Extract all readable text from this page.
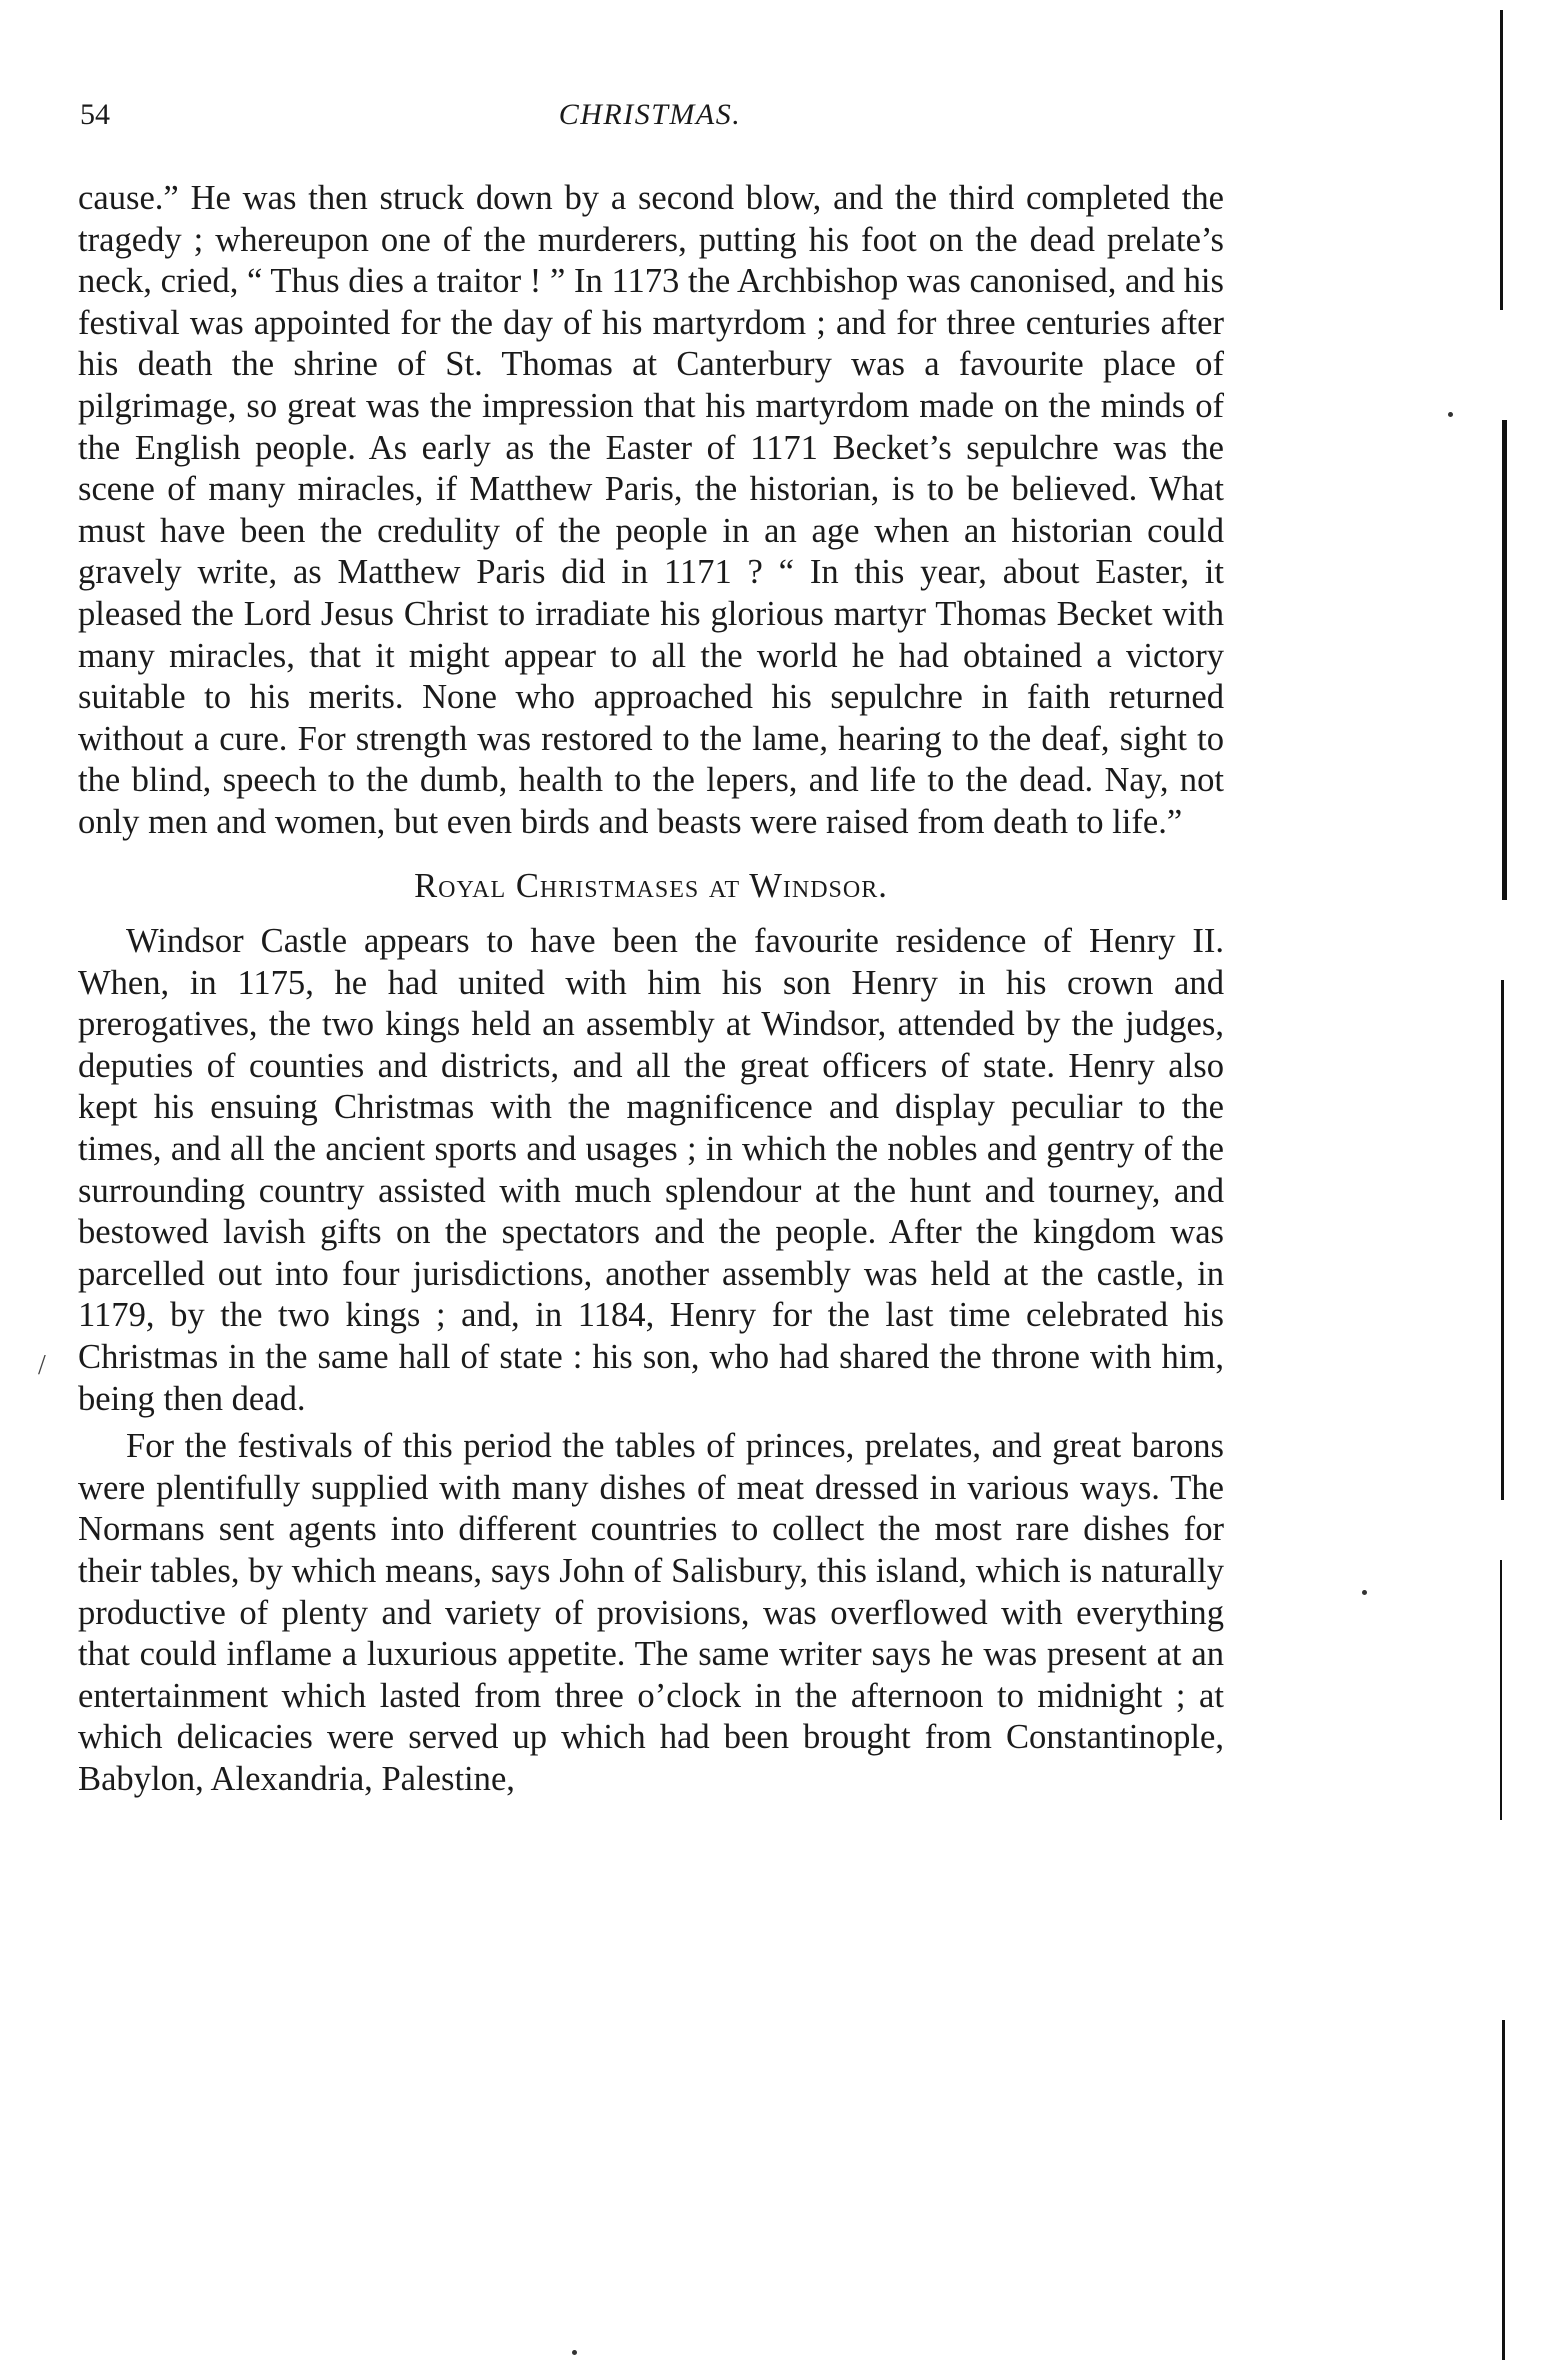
54	CHRISTMAS.

cause.” He was then struck down by a second blow, and the third completed the tragedy ; whereupon one of the murderers, putting his foot on the dead prelate’s neck, cried, “ Thus dies a traitor ! ” In 1173 the Archbishop was canonised, and his festival was appointed for the day of his martyrdom ; and for three centuries after his death the shrine of St. Thomas at Canterbury was a favourite place of pilgrimage, so great was the impression that his martyrdom made on the minds of the English people. As early as the Easter of 1171 Becket’s sepulchre was the scene of many miracles, if Matthew Paris, the historian, is to be believed. What must have been the credulity of the people in an age when an historian could gravely write, as Matthew Paris did in 1171 ? “ In this year, about Easter, it pleased the Lord Jesus Christ to irradiate his glorious martyr Thomas Becket with many miracles, that it might appear to all the world he had obtained a victory suitable to his merits. None who approached his sepulchre in faith returned without a cure. For strength was restored to the lame, hearing to the deaf, sight to the blind, speech to the dumb, health to the lepers, and life to the dead. Nay, not only men and women, but even birds and beasts were raised from death to life.”

Royal Christmases at Windsor.

Windsor Castle appears to have been the favourite residence of Henry II. When, in 1175, he had united with him his son Henry in his crown and prerogatives, the two kings held an assembly at Windsor, attended by the judges, deputies of counties and districts, and all the great officers of state. Henry also kept his ensuing Christmas with the magnificence and display peculiar to the times, and all the ancient sports and usages ; in which the nobles and gentry of the surrounding country assisted with much splendour at the hunt and tourney, and bestowed lavish gifts on the spectators and the people. After the kingdom was parcelled out into four jurisdictions, another assembly was held at the castle, in 1179, by the two kings ; and, in 1184, Henry for the last time celebrated his Christmas in the same hall of state : his son, who had shared the throne with him, being then dead.

For the festivals of this period the tables of princes, prelates, and great barons were plentifully supplied with many dishes of meat dressed in various ways. The Normans sent agents into different countries to collect the most rare dishes for their tables, by which means, says John of Salisbury, this island, which is naturally productive of plenty and variety of provisions, was overflowed with everything that could inflame a luxurious appetite. The same writer says he was present at an entertainment which lasted from three o’clock in the afternoon to midnight ; at which delicacies were served up which had been brought from Constantinople, Babylon, Alexandria, Palestine,

/
